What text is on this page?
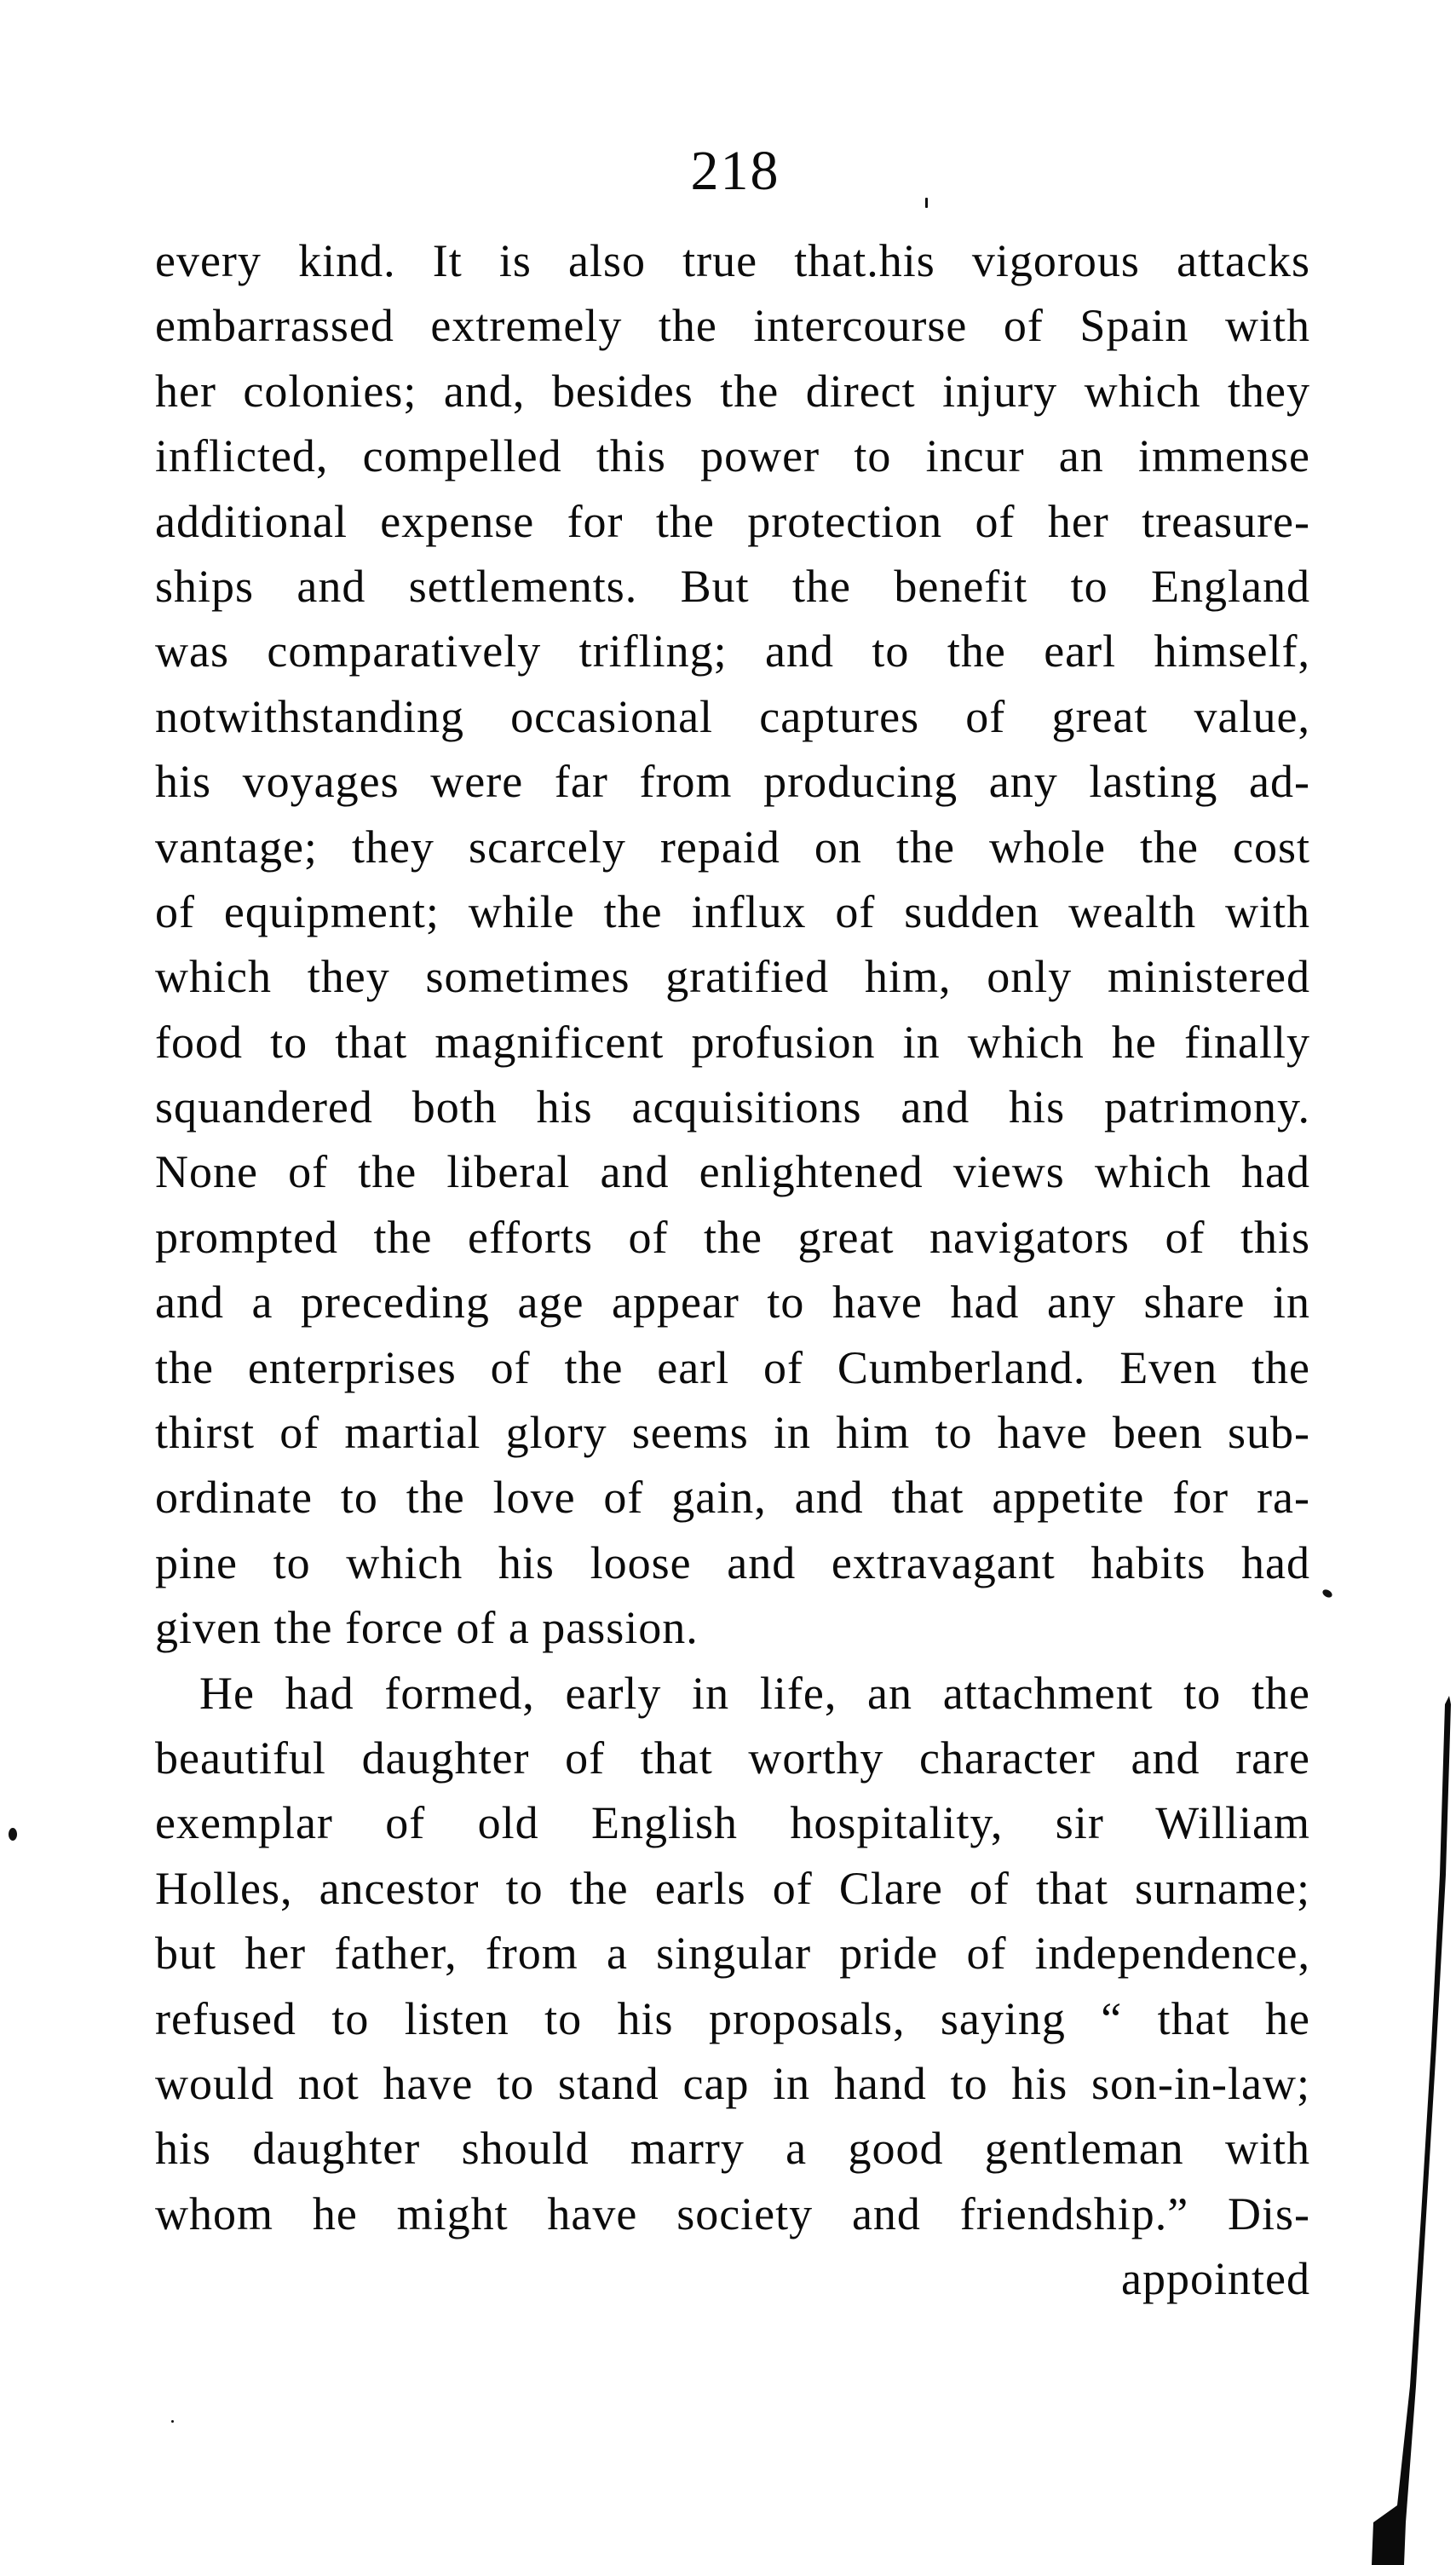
218
every kind. It is also true that.his vigorous attacks
embarrassed extremely the intercourse of Spain with
her colonies; and, besides the direct injury which they
inflicted, compelled this power to incur an immense
additional expense for the protection of her treasure-
ships and settlements. But the benefit to England
was comparatively trifling; and to the earl himself,
notwithstanding occasional captures of great value,
his voyages were far from producing any lasting ad-
vantage; they scarcely repaid on the whole the cost
of equipment; while the influx of sudden wealth with
which they sometimes gratified him, only ministered
food to that magnificent profusion in which he finally
squandered both his acquisitions and his patrimony.
None of the liberal and enlightened views which had
prompted the efforts of the great navigators of this
and a preceding age appear to have had any share in
the enterprises of the earl of Cumberland. Even the
thirst of martial glory seems in him to have been sub-
ordinate to the love of gain, and that appetite for ra-
pine to which his loose and extravagant habits had
given the force of a passion.
He had formed, early in life, an attachment to the
beautiful daughter of that worthy character and rare
exemplar of old English hospitality, sir William
Holles, ancestor to the earls of Clare of that surname;
but her father, from a singular pride of independence,
refused to listen to his proposals, saying “ that he
would not have to stand cap in hand to his son-in-law;
his daughter should marry a good gentleman with
whom he might have society and friendship.” Dis-
appointed
